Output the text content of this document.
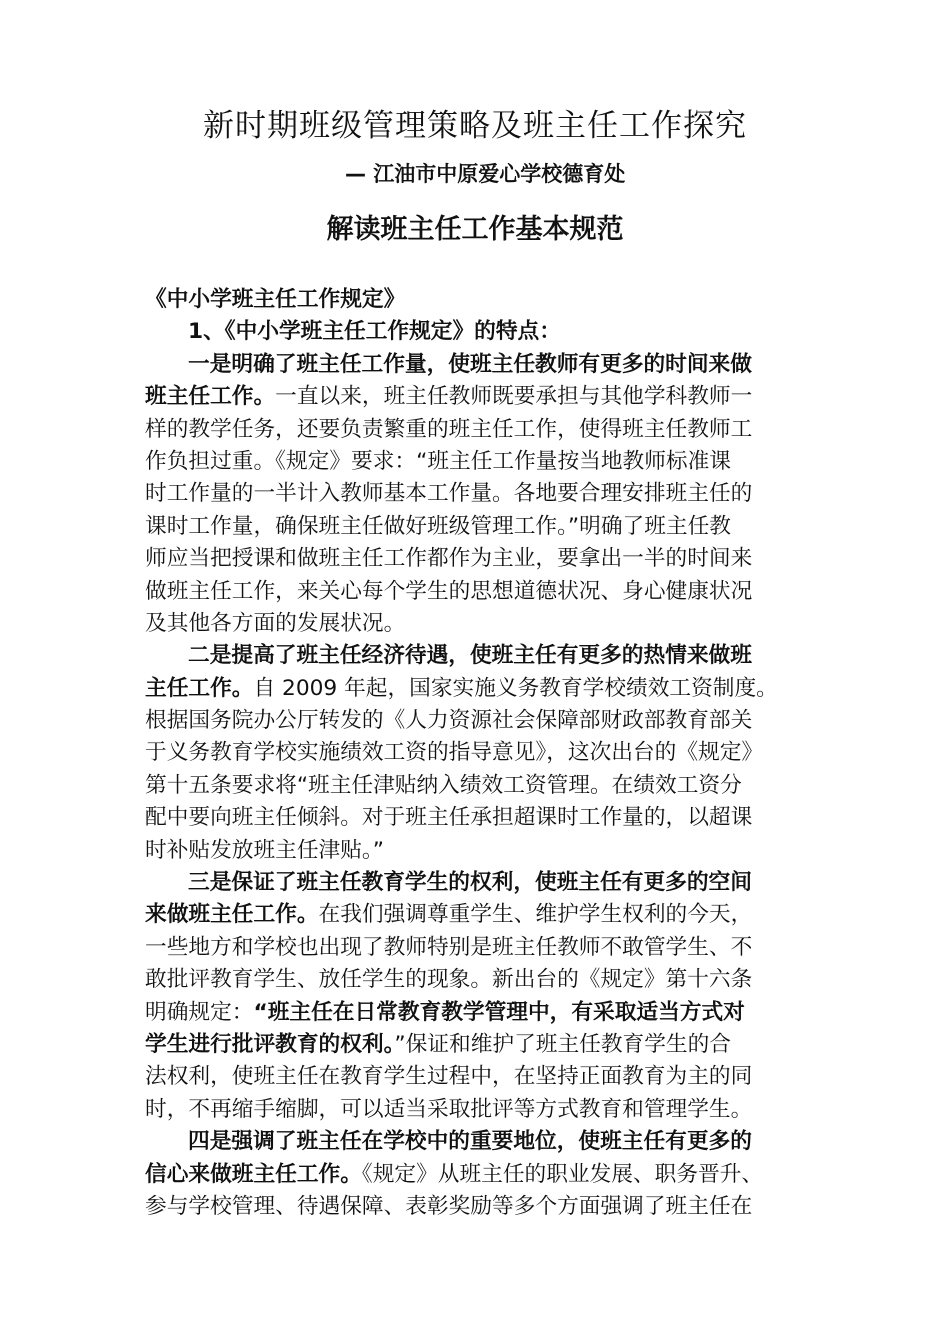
新时期班级管理策略及班主任工作探究
— 江油市中原爱心学校德育处
解读班主任工作基本规范
《中小学班主任工作规定》
1、《中小学班主任工作规定》的特点：
一是明确了班主任工作量，使班主任教师有更多的时间来做
班主任工作。一直以来，班主任教师既要承担与其他学科教师一
样的教学任务，还要负责繁重的班主任工作，使得班主任教师工
作负担过重。《规定》要求：“班主任工作量按当地教师标准课
时工作量的一半计入教师基本工作量。各地要合理安排班主任的
课时工作量，确保班主任做好班级管理工作。”明确了班主任教
师应当把授课和做班主任工作都作为主业，要拿出一半的时间来
做班主任工作，来关心每个学生的思想道德状况、身心健康状况
及其他各方面的发展状况。
二是提高了班主任经济待遇，使班主任有更多的热情来做班
主任工作。自 2009 年起，国家实施义务教育学校绩效工资制度。
根据国务院办公厅转发的《人力资源社会保障部财政部教育部关
于义务教育学校实施绩效工资的指导意见》，这次出台的《规定》
第十五条要求将“班主任津贴纳入绩效工资管理。在绩效工资分
配中要向班主任倾斜。对于班主任承担超课时工作量的，以超课
时补贴发放班主任津贴。”
三是保证了班主任教育学生的权利，使班主任有更多的空间
来做班主任工作。在我们强调尊重学生、维护学生权利的今天，
一些地方和学校也出现了教师特别是班主任教师不敢管学生、不
敢批评教育学生、放任学生的现象。新出台的《规定》第十六条
明确规定：“班主任在日常教育教学管理中，有采取适当方式对
学生进行批评教育的权利。”保证和维护了班主任教育学生的合
法权利，使班主任在教育学生过程中，在坚持正面教育为主的同
时，不再缩手缩脚，可以适当采取批评等方式教育和管理学生。
四是强调了班主任在学校中的重要地位，使班主任有更多的
信心来做班主任工作。《规定》从班主任的职业发展、职务晋升、
参与学校管理、待遇保障、表彰奖励等多个方面强调了班主任在
